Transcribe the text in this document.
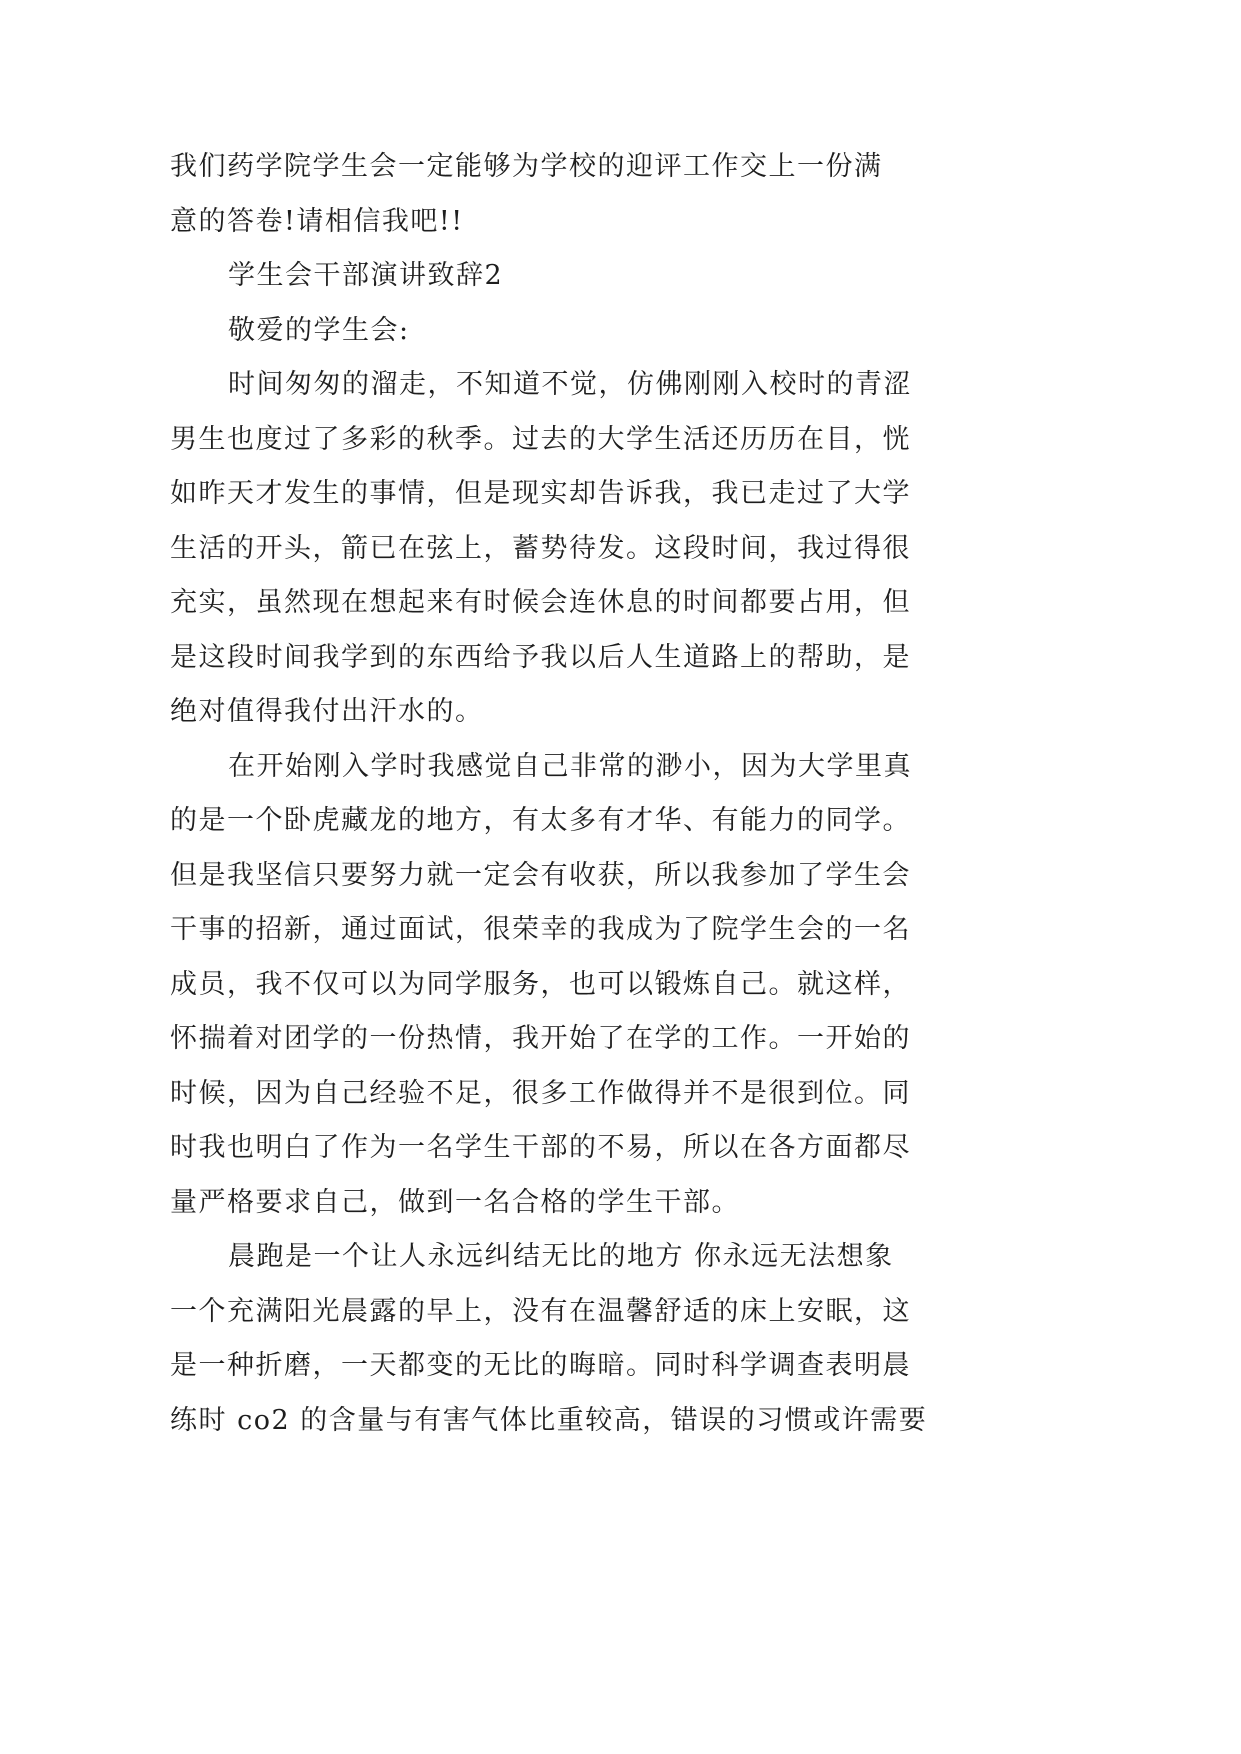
我们药学院学生会一定能够为学校的迎评工作交上一份满
意的答卷!请相信我吧!!
学生会干部演讲致辞2
敬爱的学生会:
时间匆匆的溜走，不知道不觉，仿佛刚刚入校时的青涩
男生也度过了多彩的秋季。过去的大学生活还历历在目，恍
如昨天才发生的事情，但是现实却告诉我，我已走过了大学
生活的开头，箭已在弦上，蓄势待发。这段时间，我过得很
充实，虽然现在想起来有时候会连休息的时间都要占用，但
是这段时间我学到的东西给予我以后人生道路上的帮助，是
绝对值得我付出汗水的。
在开始刚入学时我感觉自己非常的渺小，因为大学里真
的是一个卧虎藏龙的地方，有太多有才华、有能力的同学。
但是我坚信只要努力就一定会有收获，所以我参加了学生会
干事的招新，通过面试，很荣幸的我成为了院学生会的一名
成员，我不仅可以为同学服务，也可以锻炼自己。就这样，
怀揣着对团学的一份热情，我开始了在学的工作。一开始的
时候，因为自己经验不足，很多工作做得并不是很到位。同
时我也明白了作为一名学生干部的不易，所以在各方面都尽
量严格要求自己，做到一名合格的学生干部。
晨跑是一个让人永远纠结无比的地方 你永远无法想象
一个充满阳光晨露的早上，没有在温馨舒适的床上安眠，这
是一种折磨，一天都变的无比的晦暗。同时科学调查表明晨
练时 co2 的含量与有害气体比重较高，错误的习惯或许需要
